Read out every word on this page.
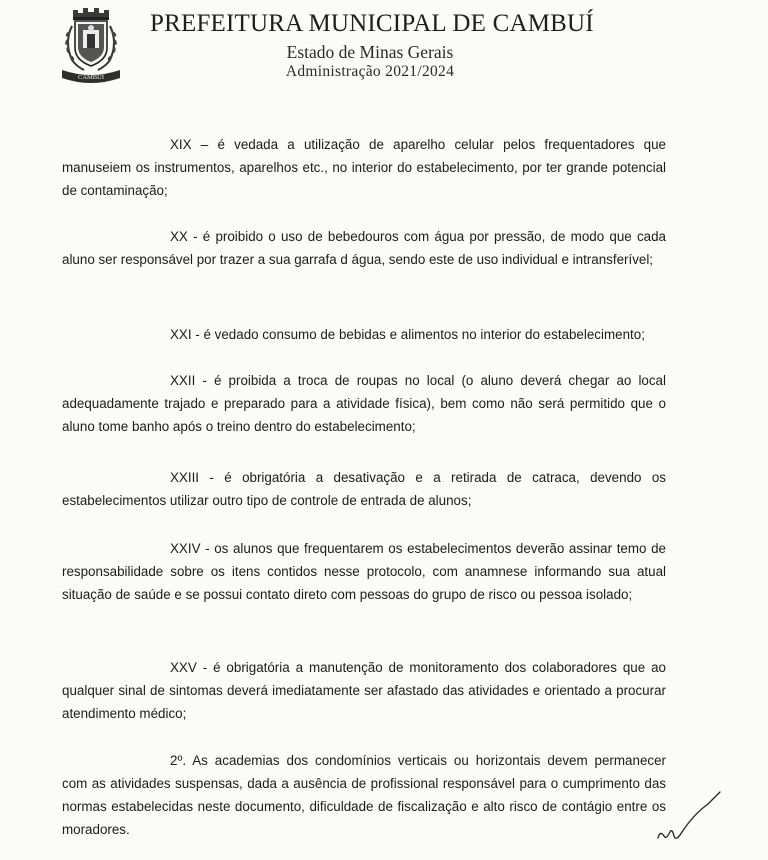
CAMBUÍ
PREFEITURA MUNICIPAL DE CAMBUÍ
Estado de Minas Gerais
Administração 2021/2024

XIX – é vedada a utilização de aparelho celular pelos frequentadores que manuseiem os instrumentos, aparelhos etc., no interior do estabelecimento, por ter grande potencial de contaminação;

XX - é proibido o uso de bebedouros com água por pressão, de modo que cada aluno ser responsável por trazer a sua garrafa d água, sendo este de uso individual e intransferível;

XXI - é vedado consumo de bebidas e alimentos no interior do estabelecimento;

XXII - é proibida a troca de roupas no local (o aluno deverá chegar ao local adequadamente trajado e preparado para a atividade física), bem como não será permitido que o aluno tome banho após o treino dentro do estabelecimento;

XXIII - é obrigatória a desativação e a retirada de catraca, devendo os estabelecimentos utilizar outro tipo de controle de entrada de alunos;

XXIV - os alunos que frequentarem os estabelecimentos deverão assinar temo de responsabilidade sobre os itens contidos nesse protocolo, com anamnese informando sua atual situação de saúde e se possui contato direto com pessoas do grupo de risco ou pessoa isolado;

XXV - é obrigatória a manutenção de monitoramento dos colaboradores que ao qualquer sinal de sintomas deverá imediatamente ser afastado das atividades e orientado a procurar atendimento médico;

2º. As academias dos condomínios verticais ou horizontais devem permanecer com as atividades suspensas, dada a ausência de profissional responsável para o cumprimento das normas estabelecidas neste documento, dificuldade de fiscalização e alto risco de contágio entre os moradores.
